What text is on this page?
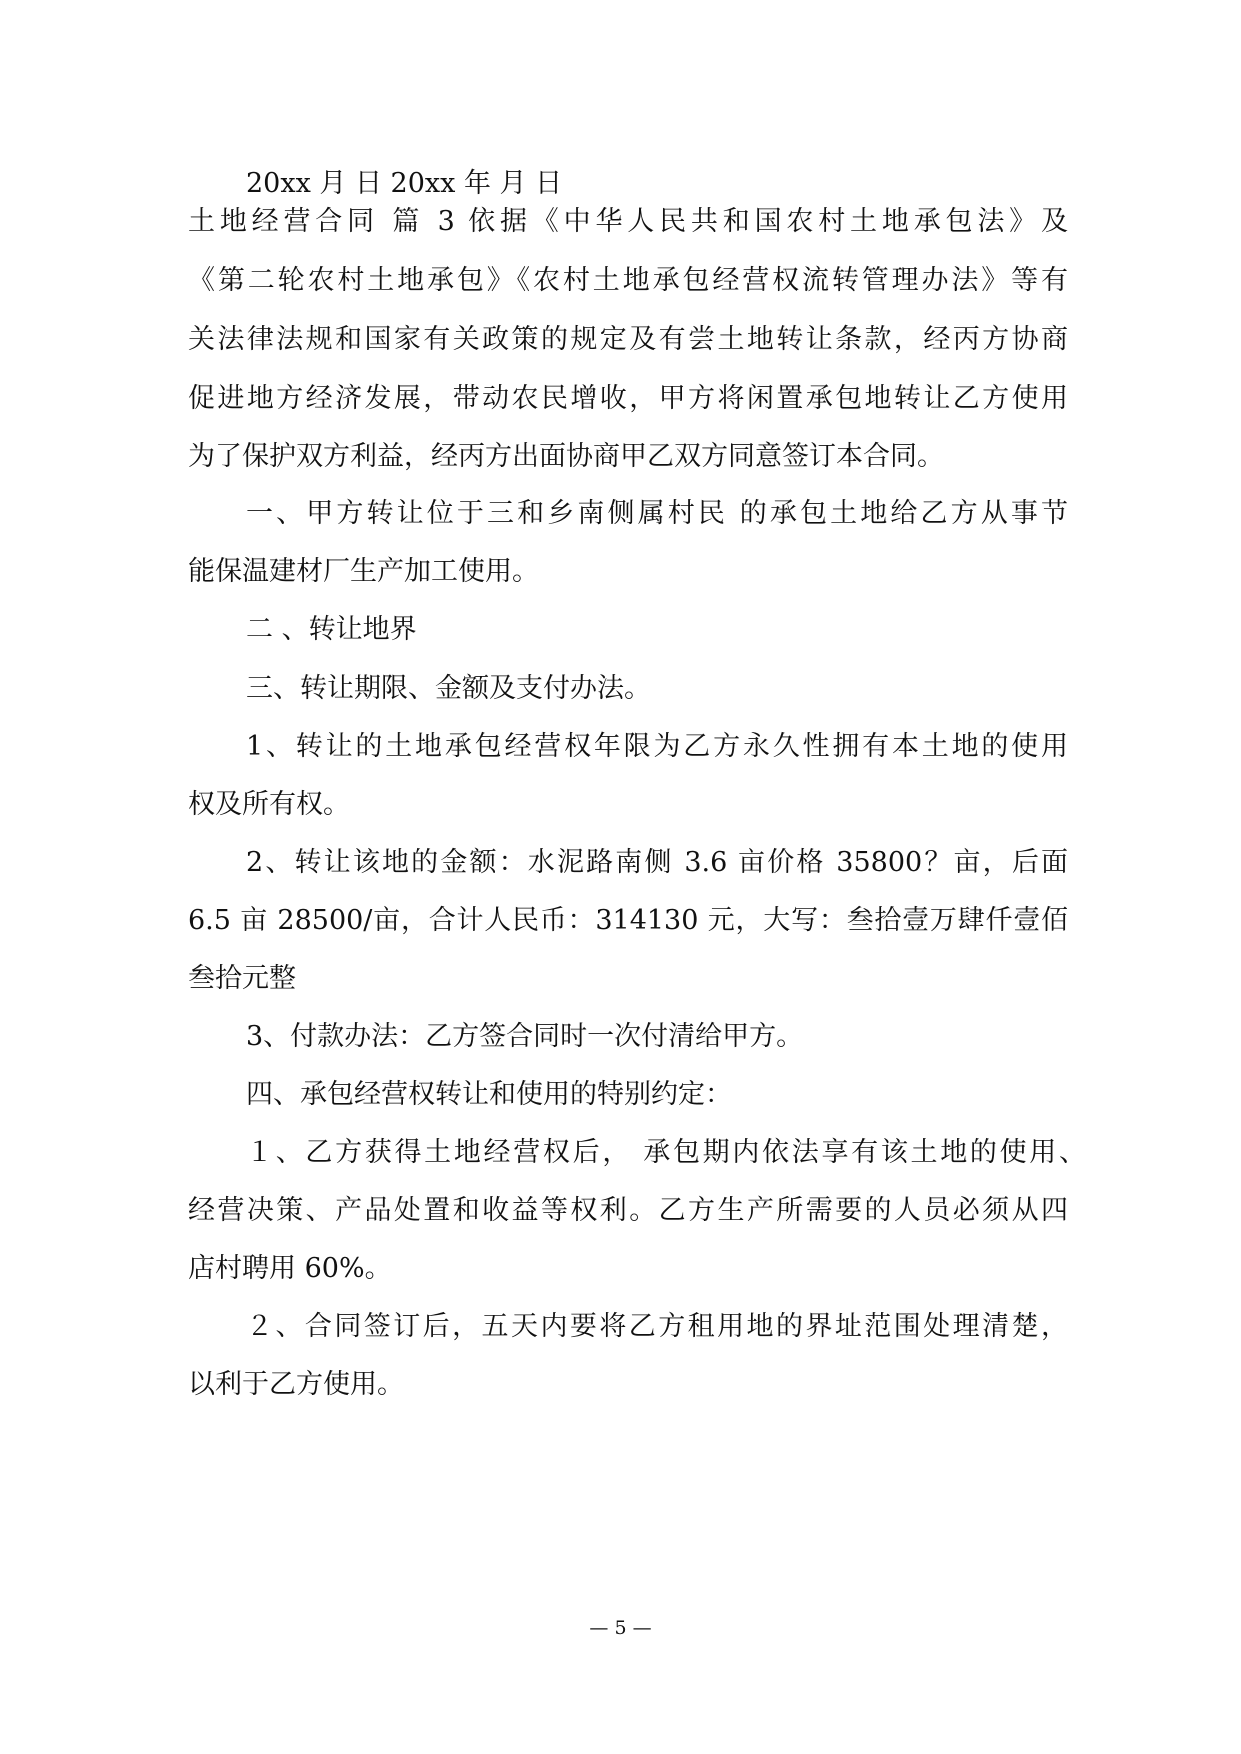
20xx 月 日 20xx 年 月 日
土地经营合同 篇 3 依据《中华人民共和国农村土地承包法》及
《第二轮农村土地承包》《农村土地承包经营权流转管理办法》等有
关法律法规和国家有关政策的规定及有尝土地转让条款，经丙方协商
促进地方经济发展，带动农民增收，甲方将闲置承包地转让乙方使用
为了保护双方利益，经丙方出面协商甲乙双方同意签订本合同。
一、甲方转让位于三和乡南侧属村民 的承包土地给乙方从事节
能保温建材厂生产加工使用。
二 、转让地界
三、转让期限、金额及支付办法。
1、转让的土地承包经营权年限为乙方永久性拥有本土地的使用
权及所有权。
2、转让该地的金额：水泥路南侧 3.6 亩价格 35800？亩，后面
6.5 亩 28500/亩，合计人民币：314130 元，大写：叁拾壹万肆仟壹佰
叁拾元整
3、付款办法：乙方签合同时一次付清给甲方。
四、承包经营权转让和使用的特别约定：
１、乙方获得土地经营权后， 承包期内依法享有该土地的使用、
经营决策、产品处置和收益等权利。乙方生产所需要的人员必须从四
店村聘用 60%。
２、合同签订后，五天内要将乙方租用地的界址范围处理清楚，
以利于乙方使用。
— 5 —
